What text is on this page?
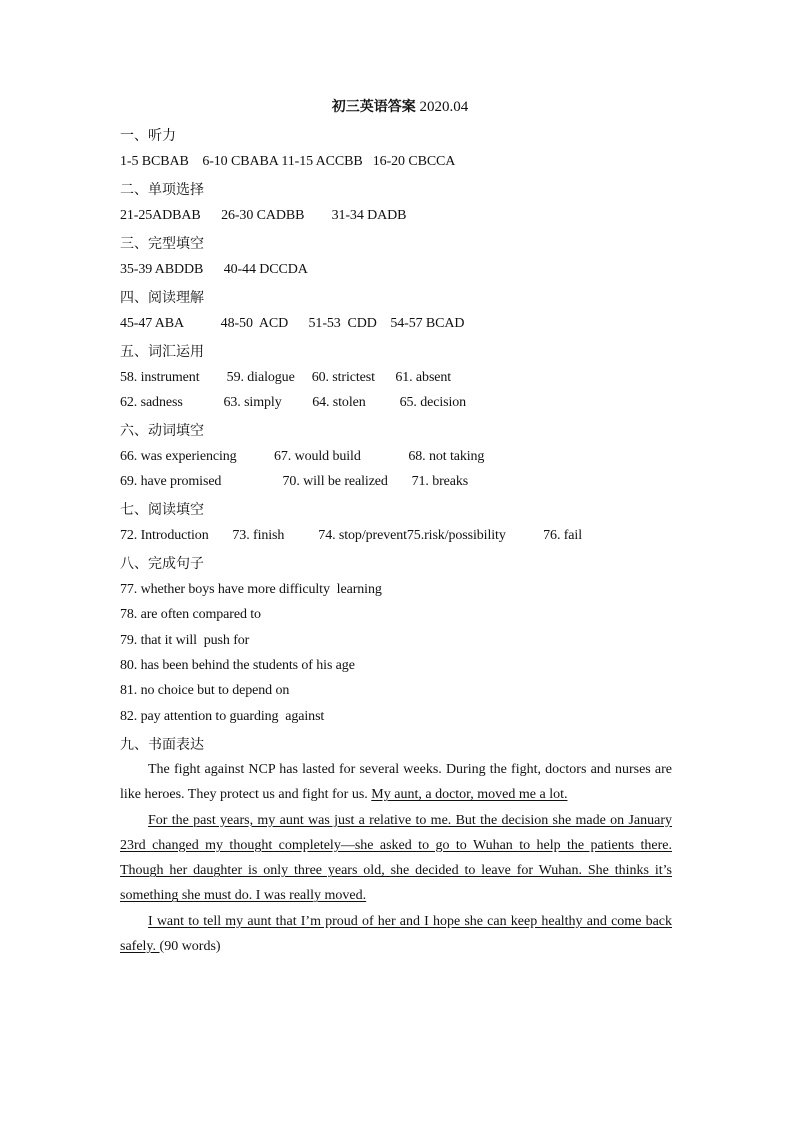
初三英语答案 2020.04
一、听力
1-5 BCBAB    6-10 CBABA 11-15 ACCBB   16-20 CBCCA
二、单项选择
21-25ADBAB      26-30 CADBB        31-34 DADB
三、完型填空
35-39 ABDDB      40-44 DCCDA
四、阅读理解
45-47 ABA           48-50  ACD      51-53  CDD    54-57 BCAD
五、词汇运用
58. instrument        59. dialogue     60. strictest      61. absent
62. sadness            63. simply         64. stolen          65. decision
六、动词填空
66. was experiencing           67. would build              68. not taking
69. have promised                  70. will be realized       71. breaks
七、阅读填空
72. Introduction       73. finish          74. stop/prevent75.risk/possibility           76. fail
八、完成句子
77. whether boys have more difficulty  learning
78. are often compared to
79. that it will  push for
80. has been behind the students of his age
81. no choice but to depend on
82. pay attention to guarding  against
九、书面表达

The fight against NCP has lasted for several weeks. During the fight, doctors and nurses are like heroes. They protect us and fight for us. My aunt, a doctor, moved me a lot.

For the past years, my aunt was just a relative to me. But the decision she made on January 23rd changed my thought completely—she asked to go to Wuhan to help the patients there. Though her daughter is only three years old, she decided to leave for Wuhan. She thinks it’s something she must do. I was really moved.

I want to tell my aunt that I’m proud of her and I hope she can keep healthy and come back safely. (90 words)
